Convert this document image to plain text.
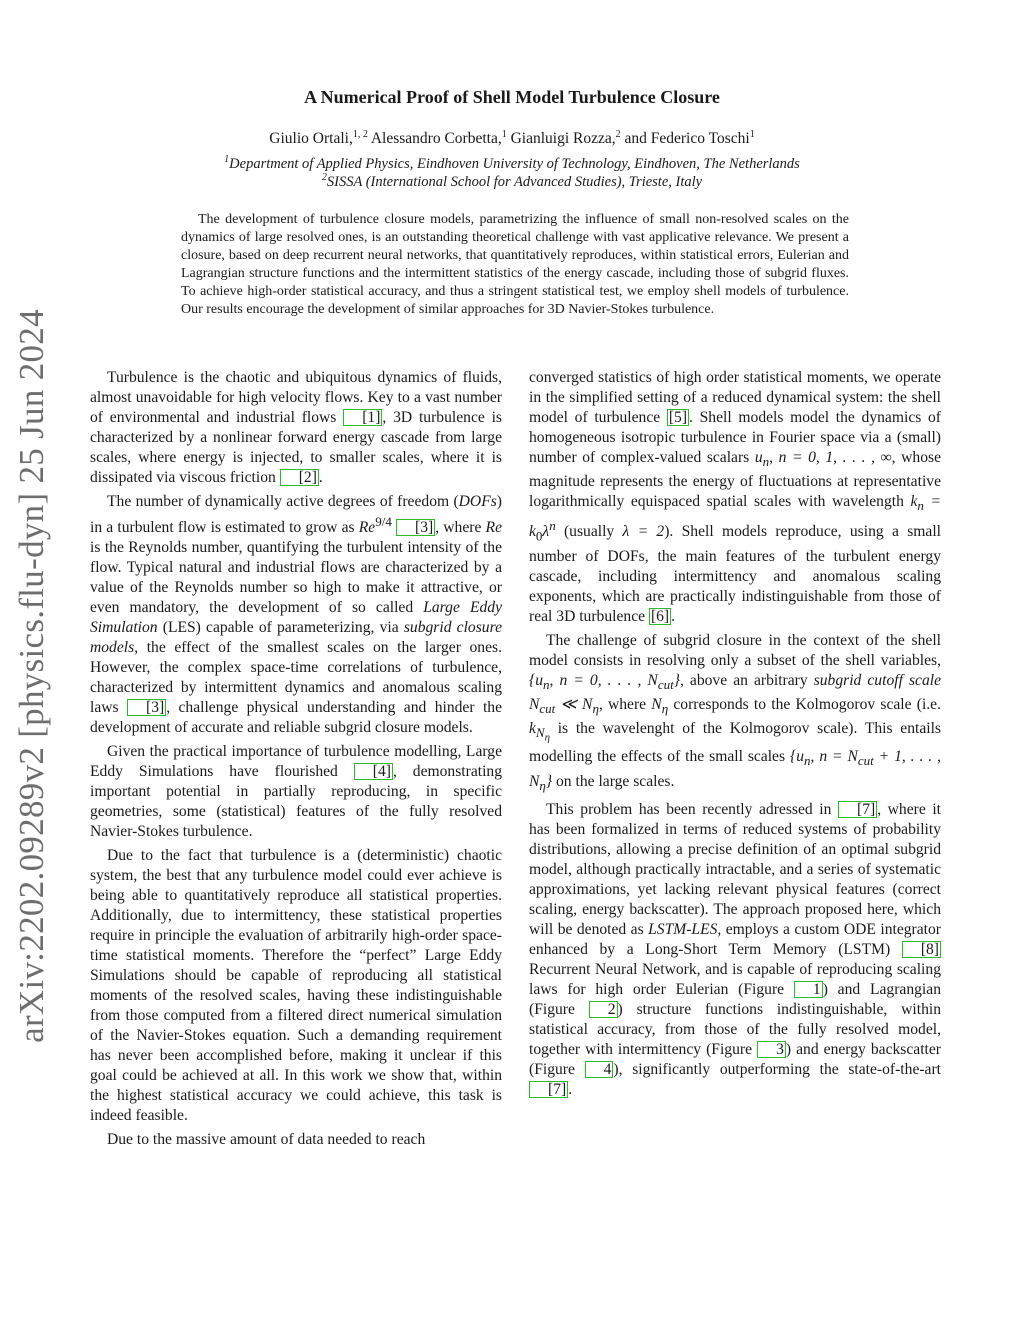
arXiv:2202.09289v2 [physics.flu-dyn] 25 Jun 2024
A Numerical Proof of Shell Model Turbulence Closure
Giulio Ortali,$^{1, 2}$ Alessandro Corbetta,$^1$ Gianluigi Rozza,$^2$ and Federico Toschi$^1$
$^1$Department of Applied Physics, Eindhoven University of Technology, Eindhoven, The Netherlands
$^2$SISSA (International School for Advanced Studies), Trieste, Italy

The development of turbulence closure models, parametrizing the influence of small non-resolved scales on the dynamics of large resolved ones, is an outstanding theoretical challenge with vast applicative relevance. We present a closure, based on deep recurrent neural networks, that quantitatively reproduces, within statistical errors, Eulerian and Lagrangian structure functions and the intermittent statistics of the energy cascade, including those of subgrid fluxes. To achieve high-order statistical accuracy, and thus a stringent statistical test, we employ shell models of turbulence. Our results encourage the development of similar approaches for 3D Navier-Stokes turbulence.

Turbulence is the chaotic and ubiquitous dynamics of fluids, almost unavoidable for high velocity flows. Key to a vast number of environmental and industrial flows [1] , 3D turbulence is characterized by a nonlinear forward energy cascade from large scales, where energy is injected, to smaller scales, where it is dissipated via viscous friction [2] .

The number of dynamically active degrees of freedom (DOFs) in a turbulent flow is estimated to grow as $Re^{9/4}$ [3] , where Re is the Reynolds number, quantifying the turbulent intensity of the flow. Typical natural and industrial flows are characterized by a value of the Reynolds number so high to make it attractive, or even mandatory, the development of so called Large Eddy Simulation (LES) capable of parameterizing, via subgrid closure models, the effect of the smallest scales on the larger ones. However, the complex space-time correlations of turbulence, characterized by intermittent dynamics and anomalous scaling laws [3] , challenge physical understanding and hinder the development of accurate and reliable subgrid closure models.

Given the practical importance of turbulence modelling, Large Eddy Simulations have flourished [4] , demonstrating important potential in partially reproducing, in specific geometries, some (statistical) features of the fully resolved Navier-Stokes turbulence.

Due to the fact that turbulence is a (deterministic) chaotic system, the best that any turbulence model could ever achieve is being able to quantitatively reproduce all statistical properties. Additionally, due to intermittency, these statistical properties require in principle the evaluation of arbitrarily high-order space-time statistical moments. Therefore the “perfect” Large Eddy Simulations should be capable of reproducing all statistical moments of the resolved scales, having these indistinguishable from those computed from a filtered direct numerical simulation of the Navier-Stokes equation. Such a demanding requirement has never been accomplished before, making it unclear if this goal could be achieved at all. In this work we show that, within the highest statistical accuracy we could achieve, this task is indeed feasible.

Due to the massive amount of data needed to reach

converged statistics of high order statistical moments, we operate in the simplified setting of a reduced dynamical system: the shell model of turbulence [5] . Shell models model the dynamics of homogeneous isotropic turbulence in Fourier space via a (small) number of complex-valued scalars $u_n$, n = 0, 1, . . . , ∞, whose magnitude represents the energy of fluctuations at representative logarithmically equispaced spatial scales with wavelength $k_n = k_0\lambda^n$ (usually λ = 2). Shell models reproduce, using a small number of DOFs, the main features of the turbulent energy cascade, including intermittency and anomalous scaling exponents, which are practically indistinguishable from those of real 3D turbulence [6] .

The challenge of subgrid closure in the context of the shell model consists in resolving only a subset of the shell variables, {$u_n$, n = 0, . . . , $N_{cut}$}, above an arbitrary subgrid cutoff scale $N_{cut}$ ≪ $N_\eta$, where $N_\eta$ corresponds to the Kolmogorov scale (i.e. $k_{N_\eta}$ is the wavelenght of the Kolmogorov scale). This entails modelling the effects of the small scales {$u_n$, $n = N_{cut} + 1$, . . . , $N_\eta$} on the large scales.

This problem has been recently adressed in [7] , where it has been formalized in terms of reduced systems of probability distributions, allowing a precise definition of an optimal subgrid model, although practically intractable, and a series of systematic approximations, yet lacking relevant physical features (correct scaling, energy backscatter). The approach proposed here, which will be denoted as LSTM-LES, employs a custom ODE integrator enhanced by a Long-Short Term Memory (LSTM) [8] Recurrent Neural Network, and is capable of reproducing scaling laws for high order Eulerian (Figure 1 ) and Lagrangian (Figure 2 ) structure functions indistinguishable, within statistical accuracy, from those of the fully resolved model, together with intermittency (Figure 3 ) and energy backscatter (Figure 4 ), significantly outperforming the state-of-the-art [7] .
